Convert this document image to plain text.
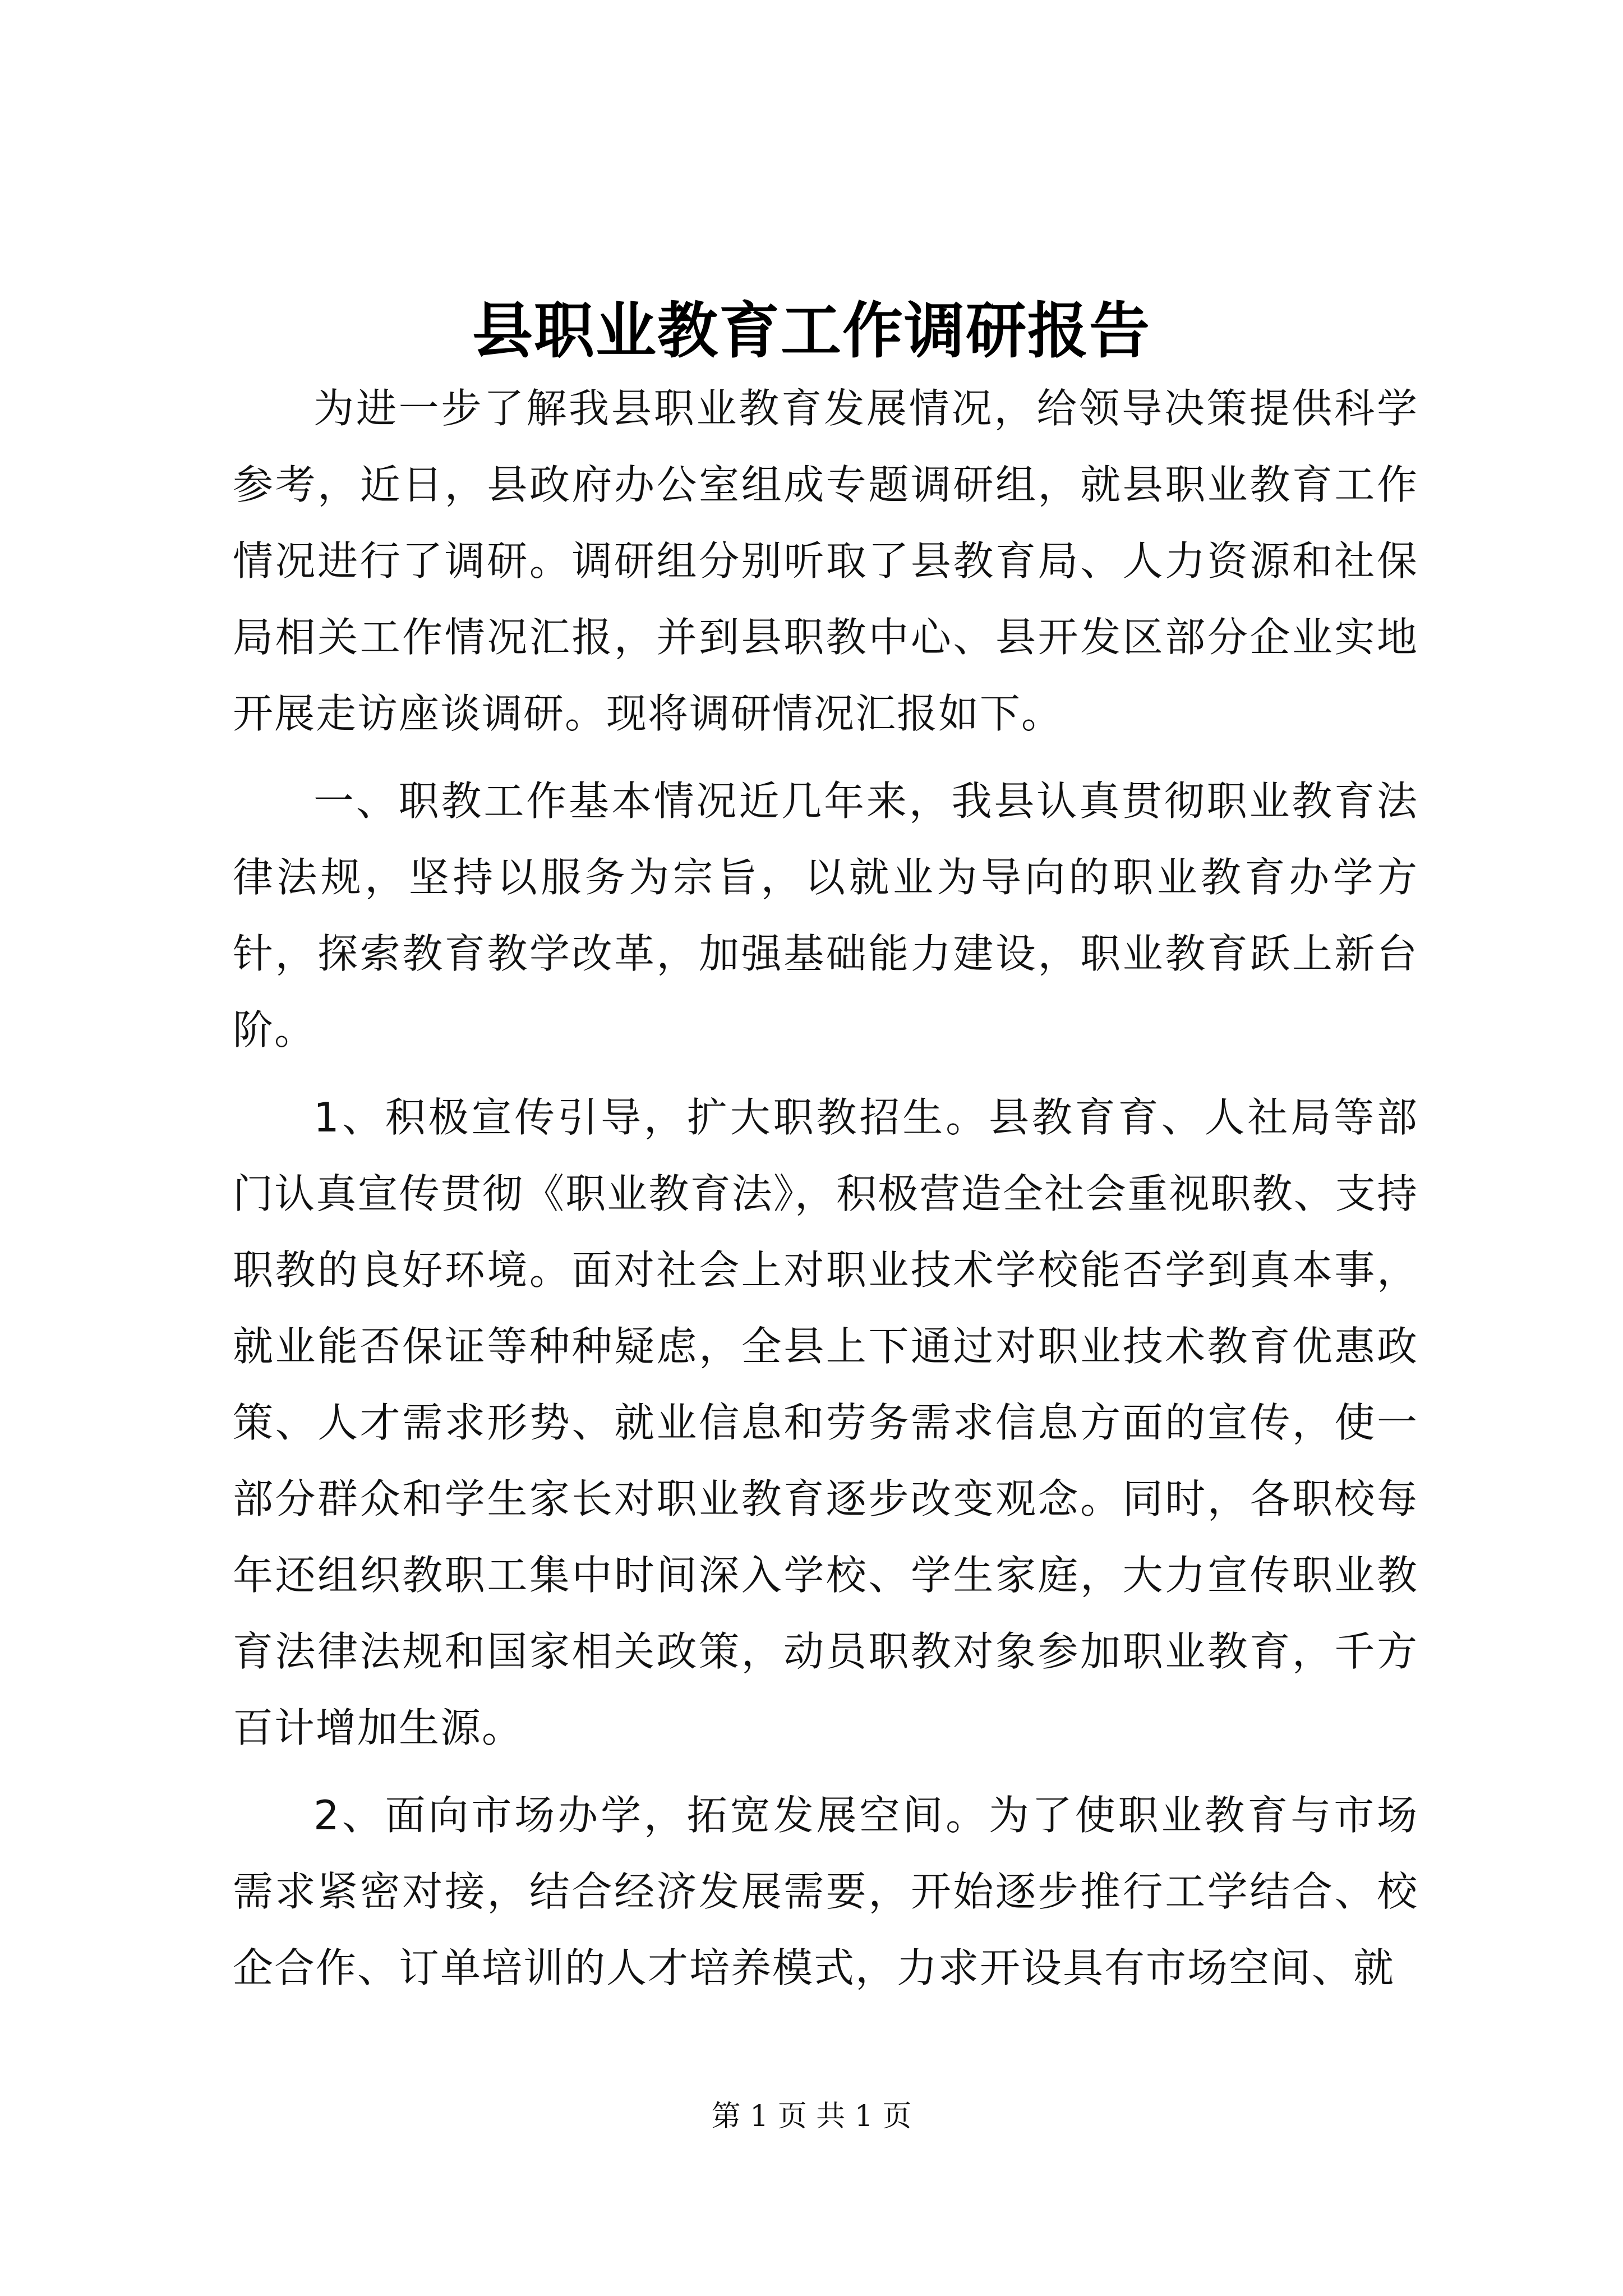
县职业教育工作调研报告

为进一步了解我县职业教育发展情况，给领导决策提供科学参考，近日，县政府办公室组成专题调研组，就县职业教育工作情况进行了调研。调研组分别听取了县教育局、人力资源和社保局相关工作情况汇报，并到县职教中心、县开发区部分企业实地开展走访座谈调研。现将调研情况汇报如下。

一、职教工作基本情况近几年来，我县认真贯彻职业教育法律法规，坚持以服务为宗旨，以就业为导向的职业教育办学方针，探索教育教学改革，加强基础能力建设，职业教育跃上新台阶。

1、积极宣传引导，扩大职教招生。县教育育、人社局等部门认真宣传贯彻《职业教育法》，积极营造全社会重视职教、支持职教的良好环境。面对社会上对职业技术学校能否学到真本事，就业能否保证等种种疑虑，全县上下通过对职业技术教育优惠政策、人才需求形势、就业信息和劳务需求信息方面的宣传，使一部分群众和学生家长对职业教育逐步改变观念。同时，各职校每年还组织教职工集中时间深入学校、学生家庭，大力宣传职业教育法律法规和国家相关政策，动员职教对象参加职业教育，千方百计增加生源。

2、面向市场办学，拓宽发展空间。为了使职业教育与市场需求紧密对接，结合经济发展需要，开始逐步推行工学结合、校企合作、订单培训的人才培养模式，力求开设具有市场空间、就

第 1 页 共 1 页
